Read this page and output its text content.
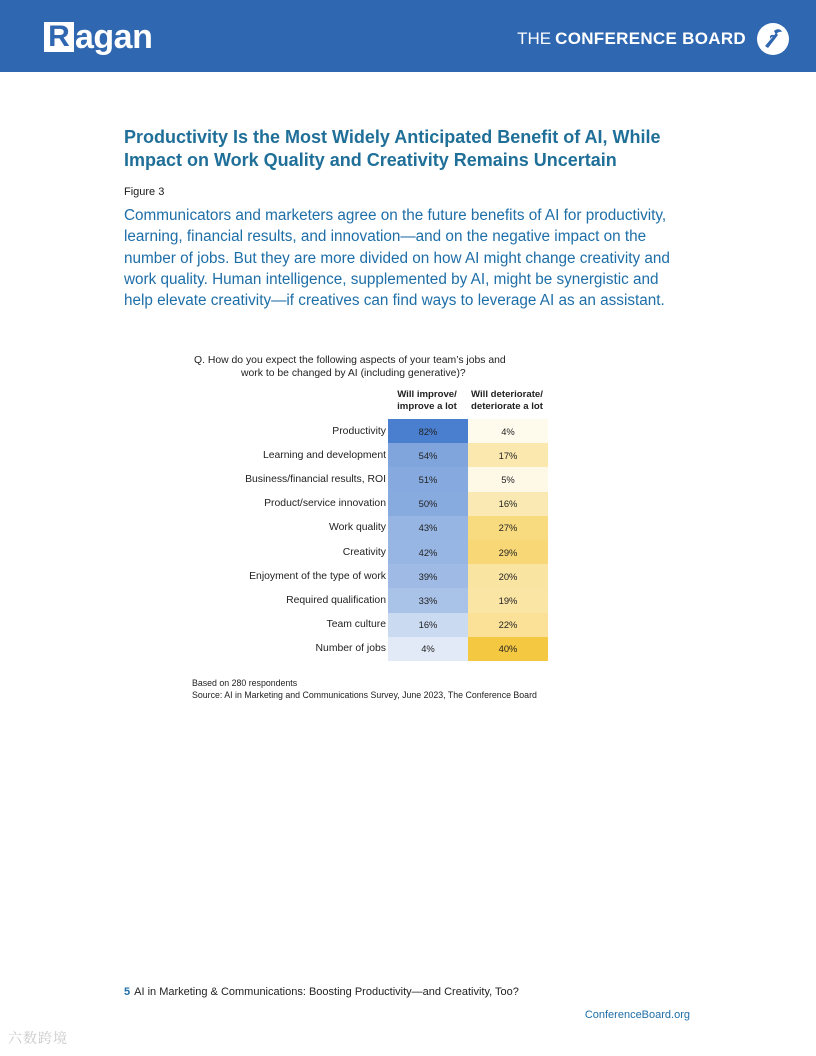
R agan	THE CONFERENCE BOARD
Productivity Is the Most Widely Anticipated Benefit of AI, While Impact on Work Quality and Creativity Remains Uncertain
Figure 3

Communicators and marketers agree on the future benefits of AI for productivity, learning, financial results, and innovation—and on the negative impact on the number of jobs. But they are more divided on how AI might change creativity and work quality. Human intelligence, supplemented by AI, might be synergistic and help elevate creativity—if creatives can find ways to leverage AI as an assistant.

Q. How do you expect the following aspects of your team’s jobs and
work to be changed by AI (including generative)?
Will improve/
improve a lot
Will deteriorate/
deteriorate a lot
Productivity	82%	4%
Learning and development	54%	17%
Business/financial results, ROI	51%	5%
Product/service innovation	50%	16%
Work quality	43%	27%
Creativity	42%	29%
Enjoyment of the type of work	39%	20%
Required qualification	33%	19%
Team culture	16%	22%
Number of jobs	4%	40%
Based on 280 respondents
Source: AI in Marketing and Communications Survey, June 2023, The Conference Board
5 AI in Marketing & Communications: Boosting Productivity—and Creativity, Too?
ConferenceBoard.org
六数跨境
